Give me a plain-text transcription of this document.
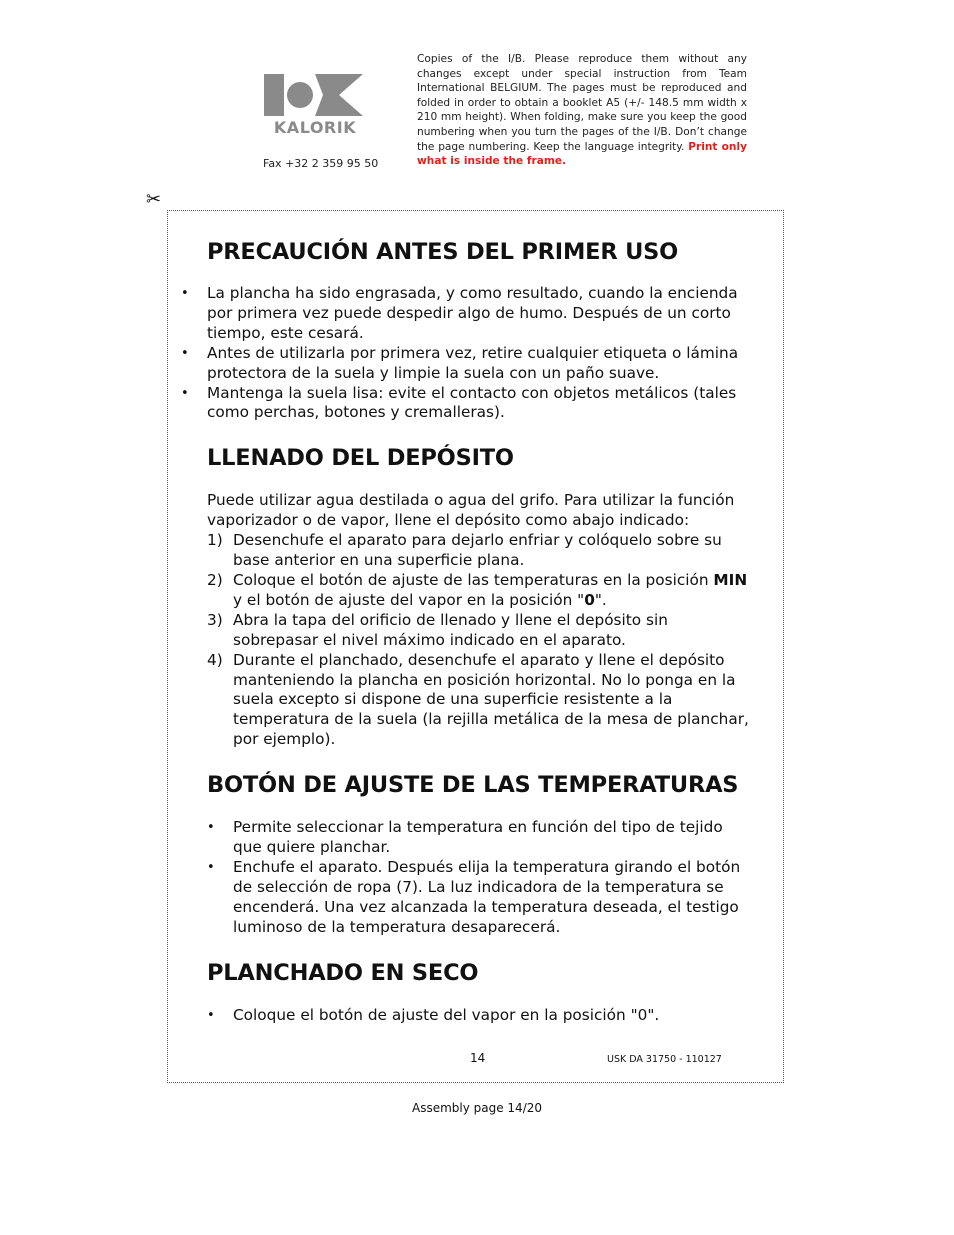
KALORIK
Fax +32 2 359 95 50
Copies of the I/B. Please reproduce them without any changes except under special instruction from Team International BELGIUM. The pages must be reproduced and folded in order to obtain a booklet A5 (+/- 148.5 mm width x 210 mm height). When folding, make sure you keep the good numbering when you turn the pages of the I/B. Don’t change the page numbering. Keep the language integrity. Print only what is inside the frame.
✂
PRECAUCIÓN ANTES DEL PRIMER USO
• La plancha ha sido engrasada, y como resultado, cuando la encienda por primera vez puede despedir algo de humo. Después de un corto tiempo, este cesará.
• Antes de utilizarla por primera vez, retire cualquier etiqueta o lámina protectora de la suela y limpie la suela con un paño suave.
• Mantenga la suela lisa: evite el contacto con objetos metálicos (tales como perchas, botones y cremalleras).
LLENADO DEL DEPÓSITO

Puede utilizar agua destilada o agua del grifo. Para utilizar la función vaporizador o de vapor, llene el depósito como abajo indicado:

1) Desenchufe el aparato para dejarlo enfriar y colóquelo sobre su base anterior en una superficie plana.
2) Coloque el botón de ajuste de las temperaturas en la posición MIN y el botón de ajuste del vapor en la posición "0".
3) Abra la tapa del orificio de llenado y llene el depósito sin sobrepasar el nivel máximo indicado en el aparato.
4) Durante el planchado, desenchufe el aparato y llene el depósito manteniendo la plancha en posición horizontal. No lo ponga en la suela excepto si dispone de una superficie resistente a la temperatura de la suela (la rejilla metálica de la mesa de planchar, por ejemplo).
BOTÓN DE AJUSTE DE LAS TEMPERATURAS
• Permite seleccionar la temperatura en función del tipo de tejido que quiere planchar.
• Enchufe el aparato. Después elija la temperatura girando el botón de selección de ropa (7). La luz indicadora de la temperatura se encenderá. Una vez alcanzada la temperatura deseada, el testigo luminoso de la temperatura desaparecerá.
PLANCHADO EN SECO
• Coloque el botón de ajuste del vapor en la posición "0".
14	USK DA 31750 - 110127
Assembly page 14/20
